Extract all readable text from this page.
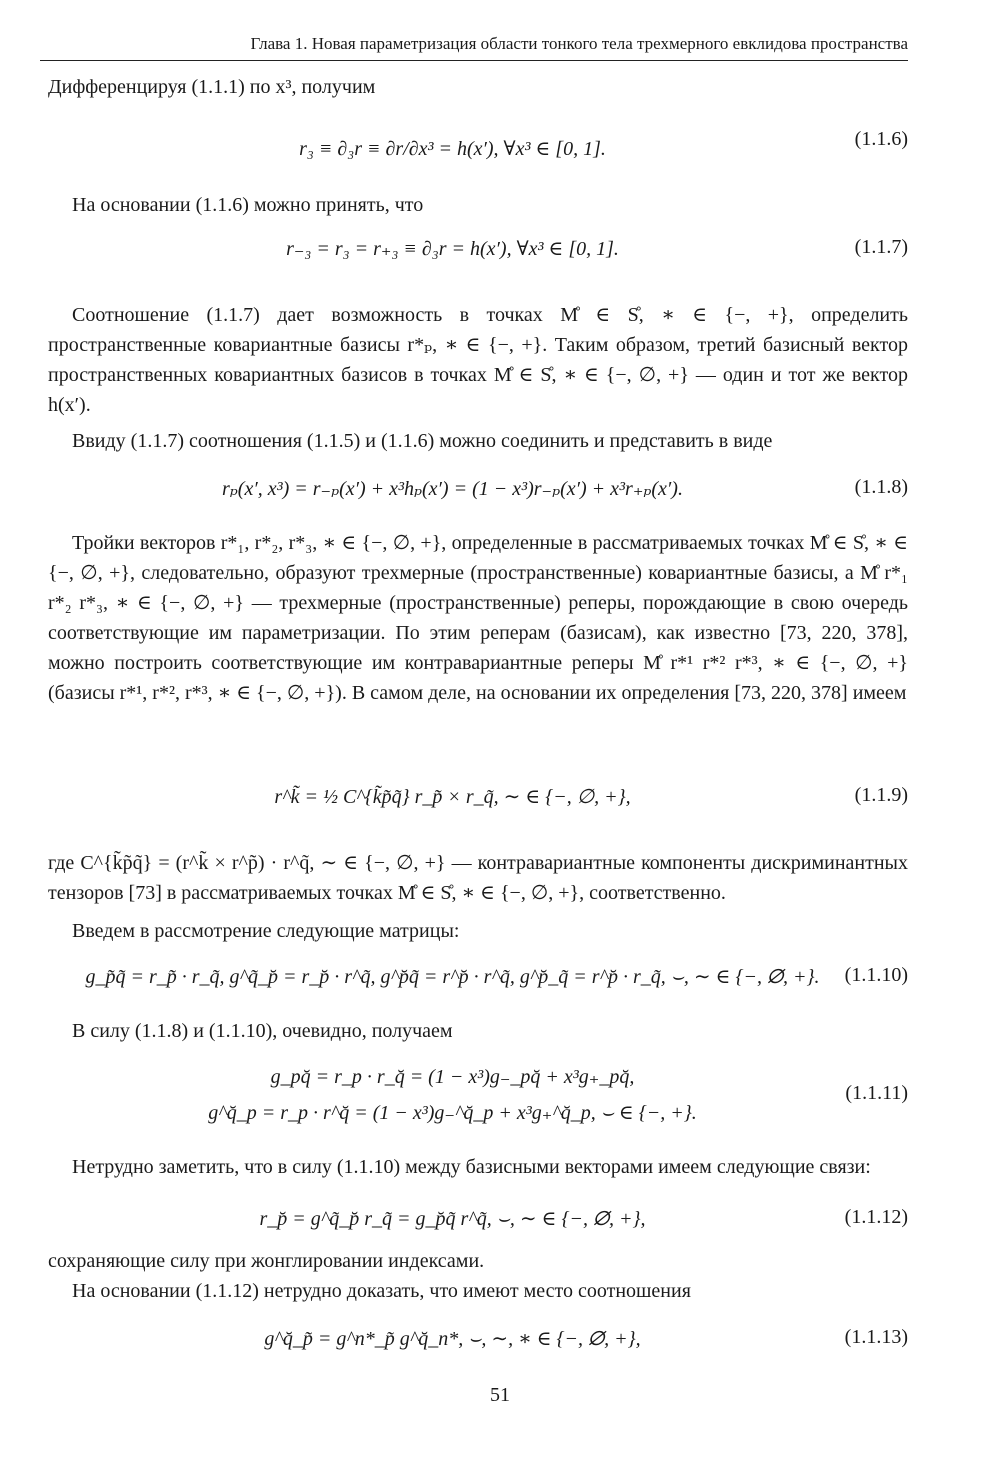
Глава 1. Новая параметризация области тонкого тела трехмерного евклидова пространства
Дифференцируя (1.1.1) по x³, получим
r₃ ≡ ∂₃r ≡ ∂r/∂x³ = h(x′), ∀x³ ∈ [0, 1].	(1.1.6)
На основании (1.1.6) можно принять, что
r₋₃ = r₃ = r₊₃ ≡ ∂₃r = h(x′), ∀x³ ∈ [0, 1].	(1.1.7)
Соотношение (1.1.7) дает возможность в точках M̊ ∈ S̊, ∗ ∈ {−, +}, определить пространственные ковариантные базисы r*ₚ, ∗ ∈ {−, +}. Таким образом, третий базисный вектор пространственных ковариантных базисов в точках M̊ ∈ S̊, ∗ ∈ {−, ∅, +} — один и тот же вектор h(x′).
Ввиду (1.1.7) соотношения (1.1.5) и (1.1.6) можно соединить и представить в виде
rₚ(x′, x³) = r₋ₚ(x′) + x³hₚ(x′) = (1 − x³)r₋ₚ(x′) + x³r₊ₚ(x′).	(1.1.8)
Тройки векторов r*₁, r*₂, r*₃, ∗ ∈ {−, ∅, +}, определенные в рассматриваемых точках M̊ ∈ S̊, ∗ ∈ {−, ∅, +}, следовательно, образуют трехмерные (пространственные) ковариантные базисы, а M̊ r*₁ r*₂ r*₃, ∗ ∈ {−, ∅, +} — трехмерные (пространственные) реперы, порождающие в свою очередь соответствующие им параметризации. По этим реперам (базисам), как известно [73, 220, 378], можно построить соответствующие им контравариантные реперы M̊ r*¹ r*² r*³, ∗ ∈ {−, ∅, +} (базисы r*¹, r*², r*³, ∗ ∈ {−, ∅, +}). В самом деле, на основании их определения [73, 220, 378] имеем
r^k̃ = ½ C^{k̃p̃q̃} r_p̃ × r_q̃, ∼ ∈ {−, ∅, +},	(1.1.9)
где C^{k̃p̃q̃} = (r^k̃ × r^p̃) · r^q̃, ∼ ∈ {−, ∅, +} — контравариантные компоненты дискриминантных тензоров [73] в рассматриваемых точках M̊ ∈ S̊, ∗ ∈ {−, ∅, +}, соответственно.
Введем в рассмотрение следующие матрицы:
g_p̃q̃ = r_p̃ · r_q̃, g^q̃_p̆ = r_p̆ · r^q̃, g^p̆q̃ = r^p̆ · r^q̃, g^p̆_q̃ = r^p̆ · r_q̃, ⌣, ∼ ∈ {−, ∅, +}. (1.1.10)
В силу (1.1.8) и (1.1.10), очевидно, получаем
g_pq̆ = r_p · r_q̆ = (1 − x³)g₋_pq̆ + x³g₊_pq̆,
g^q̆_p = r_p · r^q̆ = (1 − x³)g₋^q̆_p + x³g₊^q̆_p, ⌣ ∈ {−, +}.
(1.1.11)
Нетрудно заметить, что в силу (1.1.10) между базисными векторами имеем следующие связи:
r_p̆ = g^q̃_p̆ r_q̃ = g_p̆q̃ r^q̃, ⌣, ∼ ∈ {−, ∅, +},	(1.1.12)
сохраняющие силу при жонглировании индексами.
На основании (1.1.12) нетрудно доказать, что имеют место соотношения
g^q̆_p̃ = g^n*_p̃ g^q̆_n*, ⌣, ∼, ∗ ∈ {−, ∅, +},	(1.1.13)
51
